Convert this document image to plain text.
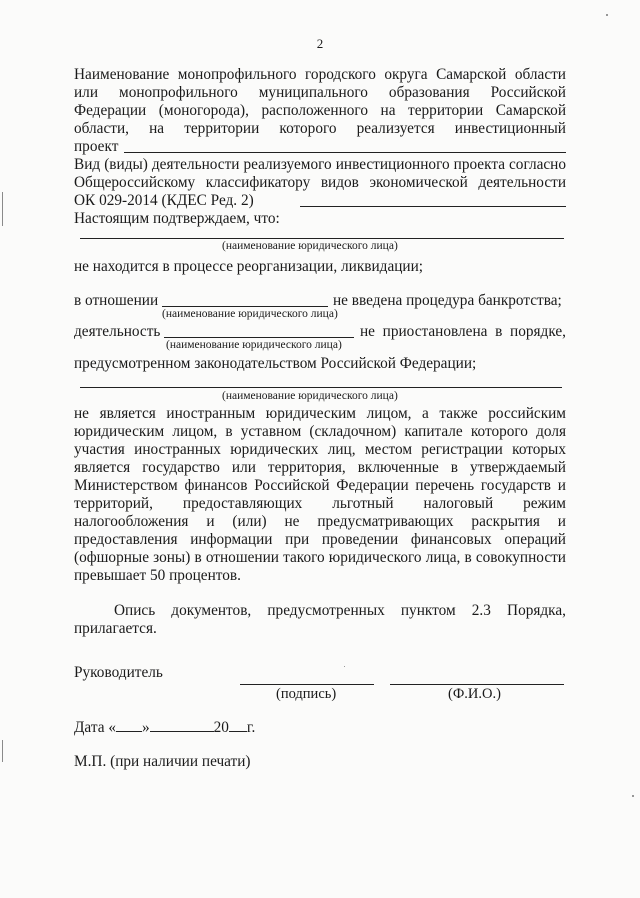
2
Наименование монопрофильного городского округа Самарской области
или монопрофильного муниципального образования Российской
Федерации (моногорода), расположенного на территории Самарской
области, на территории которого реализуется инвестиционный
проект
Вид (виды) деятельности реализуемого инвестиционного проекта согласно
Общероссийскому классификатору видов экономической деятельности
ОК 029-2014 (КДЕС Ред. 2)
Настоящим подтверждаем, что:
(наименование юридического лица)
не находится в процессе реорганизации, ликвидации;
в отношении	не введена процедура банкротства;
(наименование юридического лица)
деятельность	не приостановлена в порядке,
(наименование юридического лица)
предусмотренном законодательством Российской Федерации;
(наименование юридического лица)
не является иностранным юридическим лицом, а также российским
юридическим лицом, в уставном (складочном) капитале которого доля
участия иностранных юридических лиц, местом регистрации которых
является государство или территория, включенные в утверждаемый
Министерством финансов Российской Федерации перечень государств и
территорий, предоставляющих льготный налоговый режим
налогообложения и (или) не предусматривающих раскрытия и
предоставления информации при проведении финансовых операций
(офшорные зоны) в отношении такого юридического лица, в совокупности
превышает 50 процентов.
Опись документов, предусмотренных пунктом 2.3 Порядка,
прилагается.
Руководитель
(подпись)	(Ф.И.О.)
Дата « »	20 г.
М.П. (при наличии печати)
